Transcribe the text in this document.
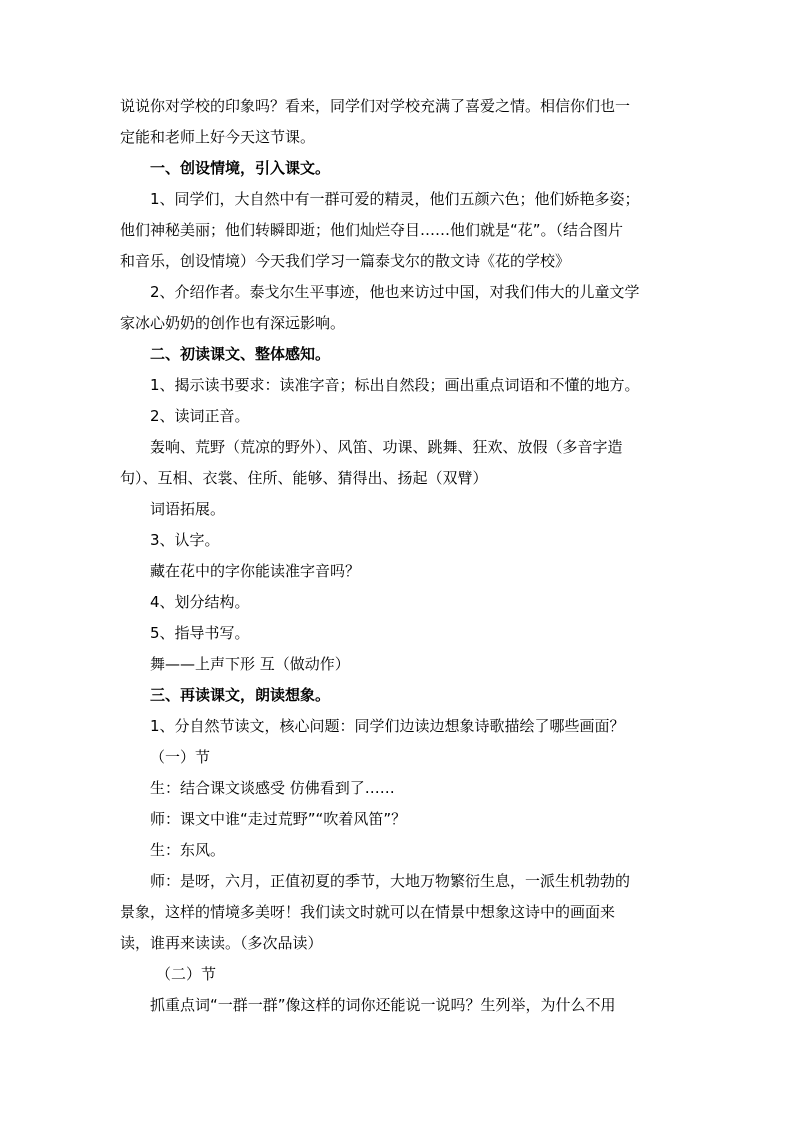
说说你对学校的印象吗？看来，同学们对学校充满了喜爱之情。相信你们也一
定能和老师上好今天这节课。
一、创设情境，引入课文。
1、同学们，大自然中有一群可爱的精灵，他们五颜六色；他们娇艳多姿；
他们神秘美丽；他们转瞬即逝；他们灿烂夺目……他们就是“花”。（结合图片
和音乐，创设情境）今天我们学习一篇泰戈尔的散文诗《花的学校》
2、介绍作者。泰戈尔生平事迹，他也来访过中国，对我们伟大的儿童文学
家冰心奶奶的创作也有深远影响。
二、初读课文、整体感知。
1、揭示读书要求：读准字音；标出自然段；画出重点词语和不懂的地方。
2、读词正音。
轰响、荒野（荒凉的野外）、风笛、功课、跳舞、狂欢、放假（多音字造
句）、互相、衣裳、住所、能够、猜得出、扬起（双臂）
词语拓展。
3、认字。
藏在花中的字你能读准字音吗？
4、划分结构。
5、指导书写。
舞——上声下形 互（做动作）
三、再读课文，朗读想象。
1、分自然节读文，核心问题：同学们边读边想象诗歌描绘了哪些画面？
（一）节
生：结合课文谈感受 仿佛看到了……
师：课文中谁“走过荒野”“吹着风笛”？
生：东风。
师：是呀，六月，正值初夏的季节，大地万物繁衍生息，一派生机勃勃的
景象，这样的情境多美呀！我们读文时就可以在情景中想象这诗中的画面来
读，谁再来读读。（多次品读）
（二）节
抓重点词“一群一群”像这样的词你还能说一说吗？生列举，为什么不用
